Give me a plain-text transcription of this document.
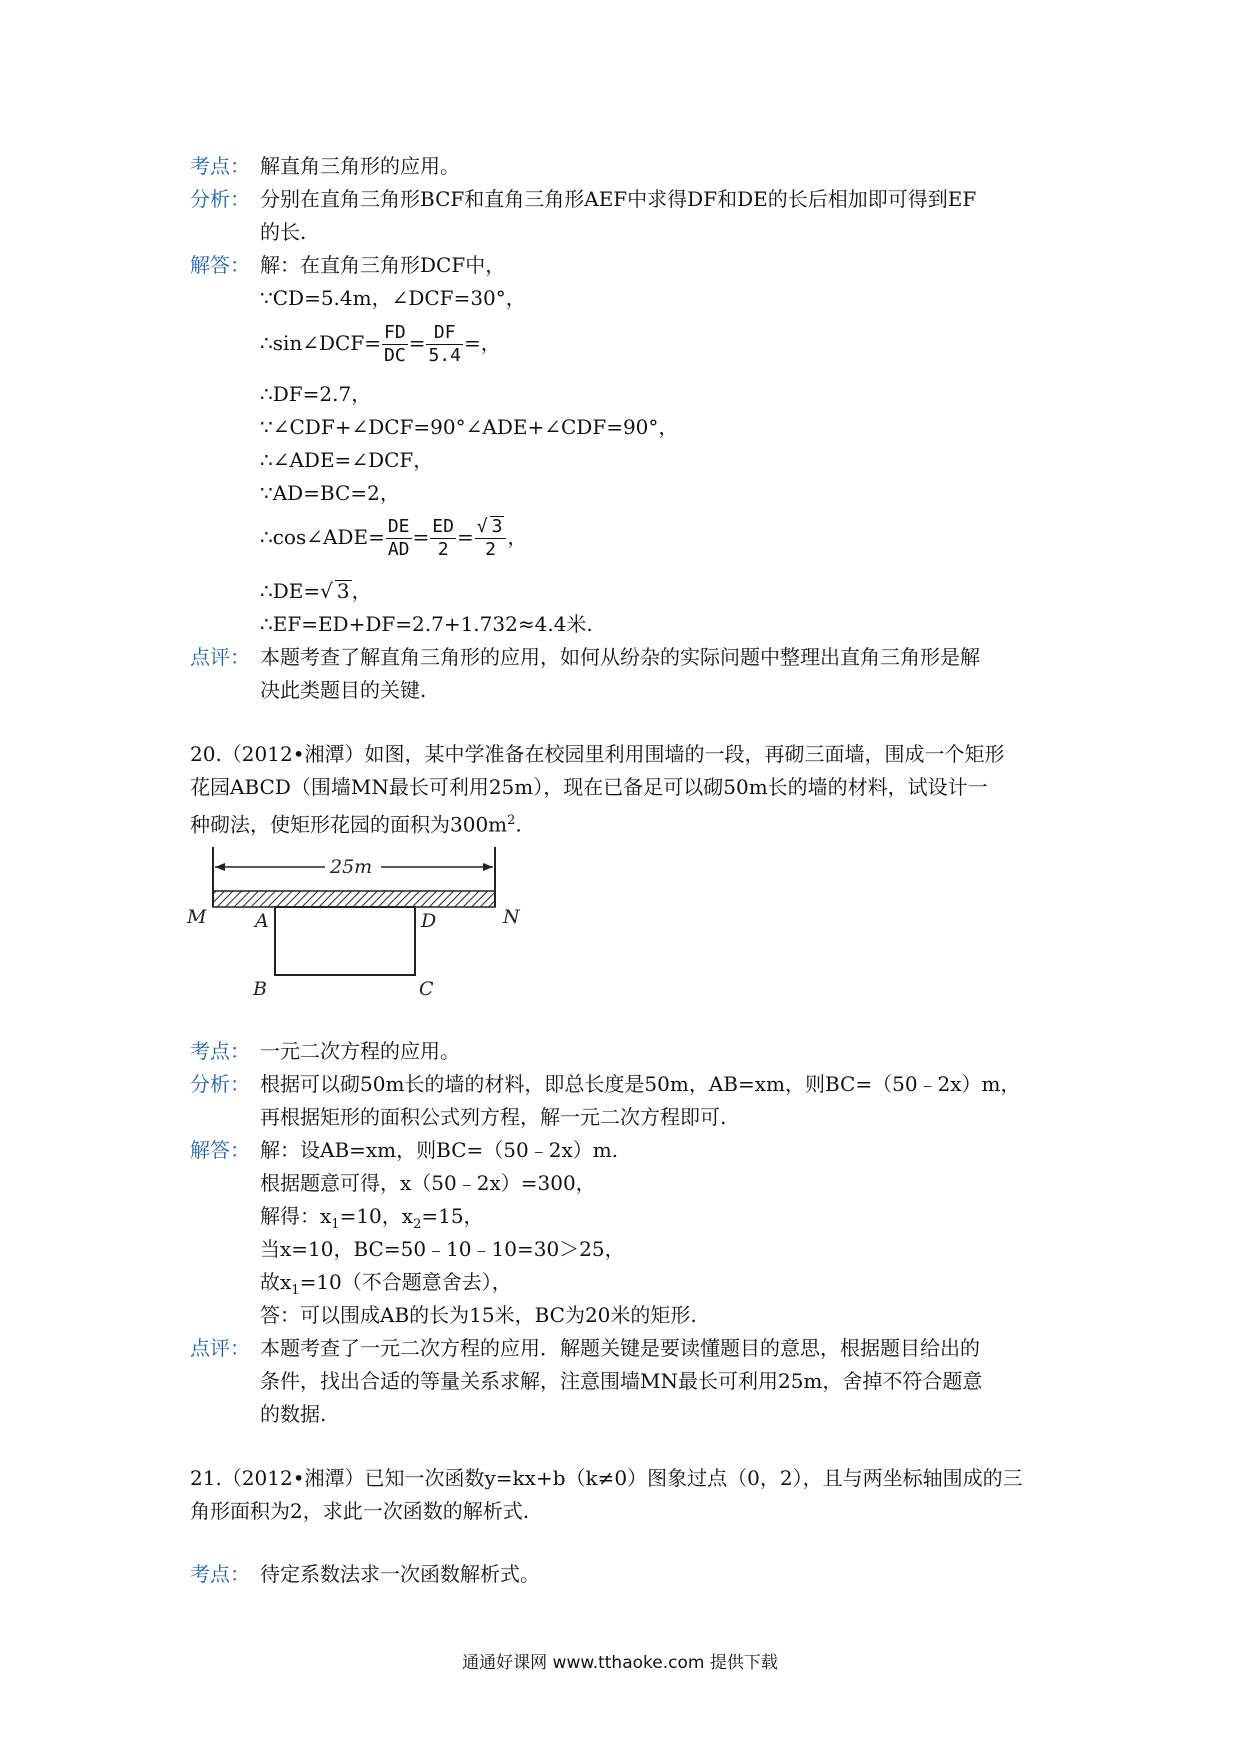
考点： 解直角三角形的应用。
分析： 分别在直角三角形BCF和直角三角形AEF中求得DF和DE的长后相加即可得到EF
的长.
解答： 解：在直角三角形DCF中，
∵CD=5.4m，∠DCF=30°，
∴sin∠DCF= $\frac{FD}{DC} = \frac{DF}{5.4}$ =，
∴DF=2.7，
∵∠CDF+∠DCF=90°∠ADE+∠CDF=90°，
∴∠ADE=∠DCF，
∵AD=BC=2，
∴cos∠ADE= $\frac{DE}{AD} = \frac{ED}{2} = \frac{√ 3}{2}$ ，
∴DE=√ 3 ，
∴EF=ED+DF=2.7+1.732≈4.4米.
点评： 本题考查了解直角三角形的应用，如何从纷杂的实际问题中整理出直角三角形是解
决此类题目的关键.
20.（2012•湘潭）如图，某中学准备在校园里利用围墙的一段，再砌三面墙，围成一个矩形
花园ABCD（围墙MN最长可利用25m），现在已备足可以砌50m长的墙的材料，试设计一
种砌法，使矩形花园的面积为$300m^2$.
25m
M	A	D	N
B	C
考点： 一元二次方程的应用。
分析： 根据可以砌50m长的墙的材料，即总长度是50m，AB=xm，则BC=（50﹣2x）m，
再根据矩形的面积公式列方程，解一元二次方程即可.
解答： 解：设AB=xm，则BC=（50﹣2x）m.
根据题意可得，x（50﹣2x）=300，
解得：$x_1=10$，$x_2=15$，
当x=10，BC=50﹣10﹣10=30＞25，
故$x_1=10$（不合题意舍去），
答：可以围成AB的长为15米，BC为20米的矩形.
点评： 本题考查了一元二次方程的应用．解题关键是要读懂题目的意思，根据题目给出的
条件，找出合适的等量关系求解，注意围墙MN最长可利用25m，舍掉不符合题意
的数据.
21.（2012•湘潭）已知一次函数y=kx+b（k≠0）图象过点（0，2），且与两坐标轴围成的三
角形面积为2，求此一次函数的解析式.
考点： 待定系数法求一次函数解析式。
通通好课网 www.tthaoke.com 提供下载
